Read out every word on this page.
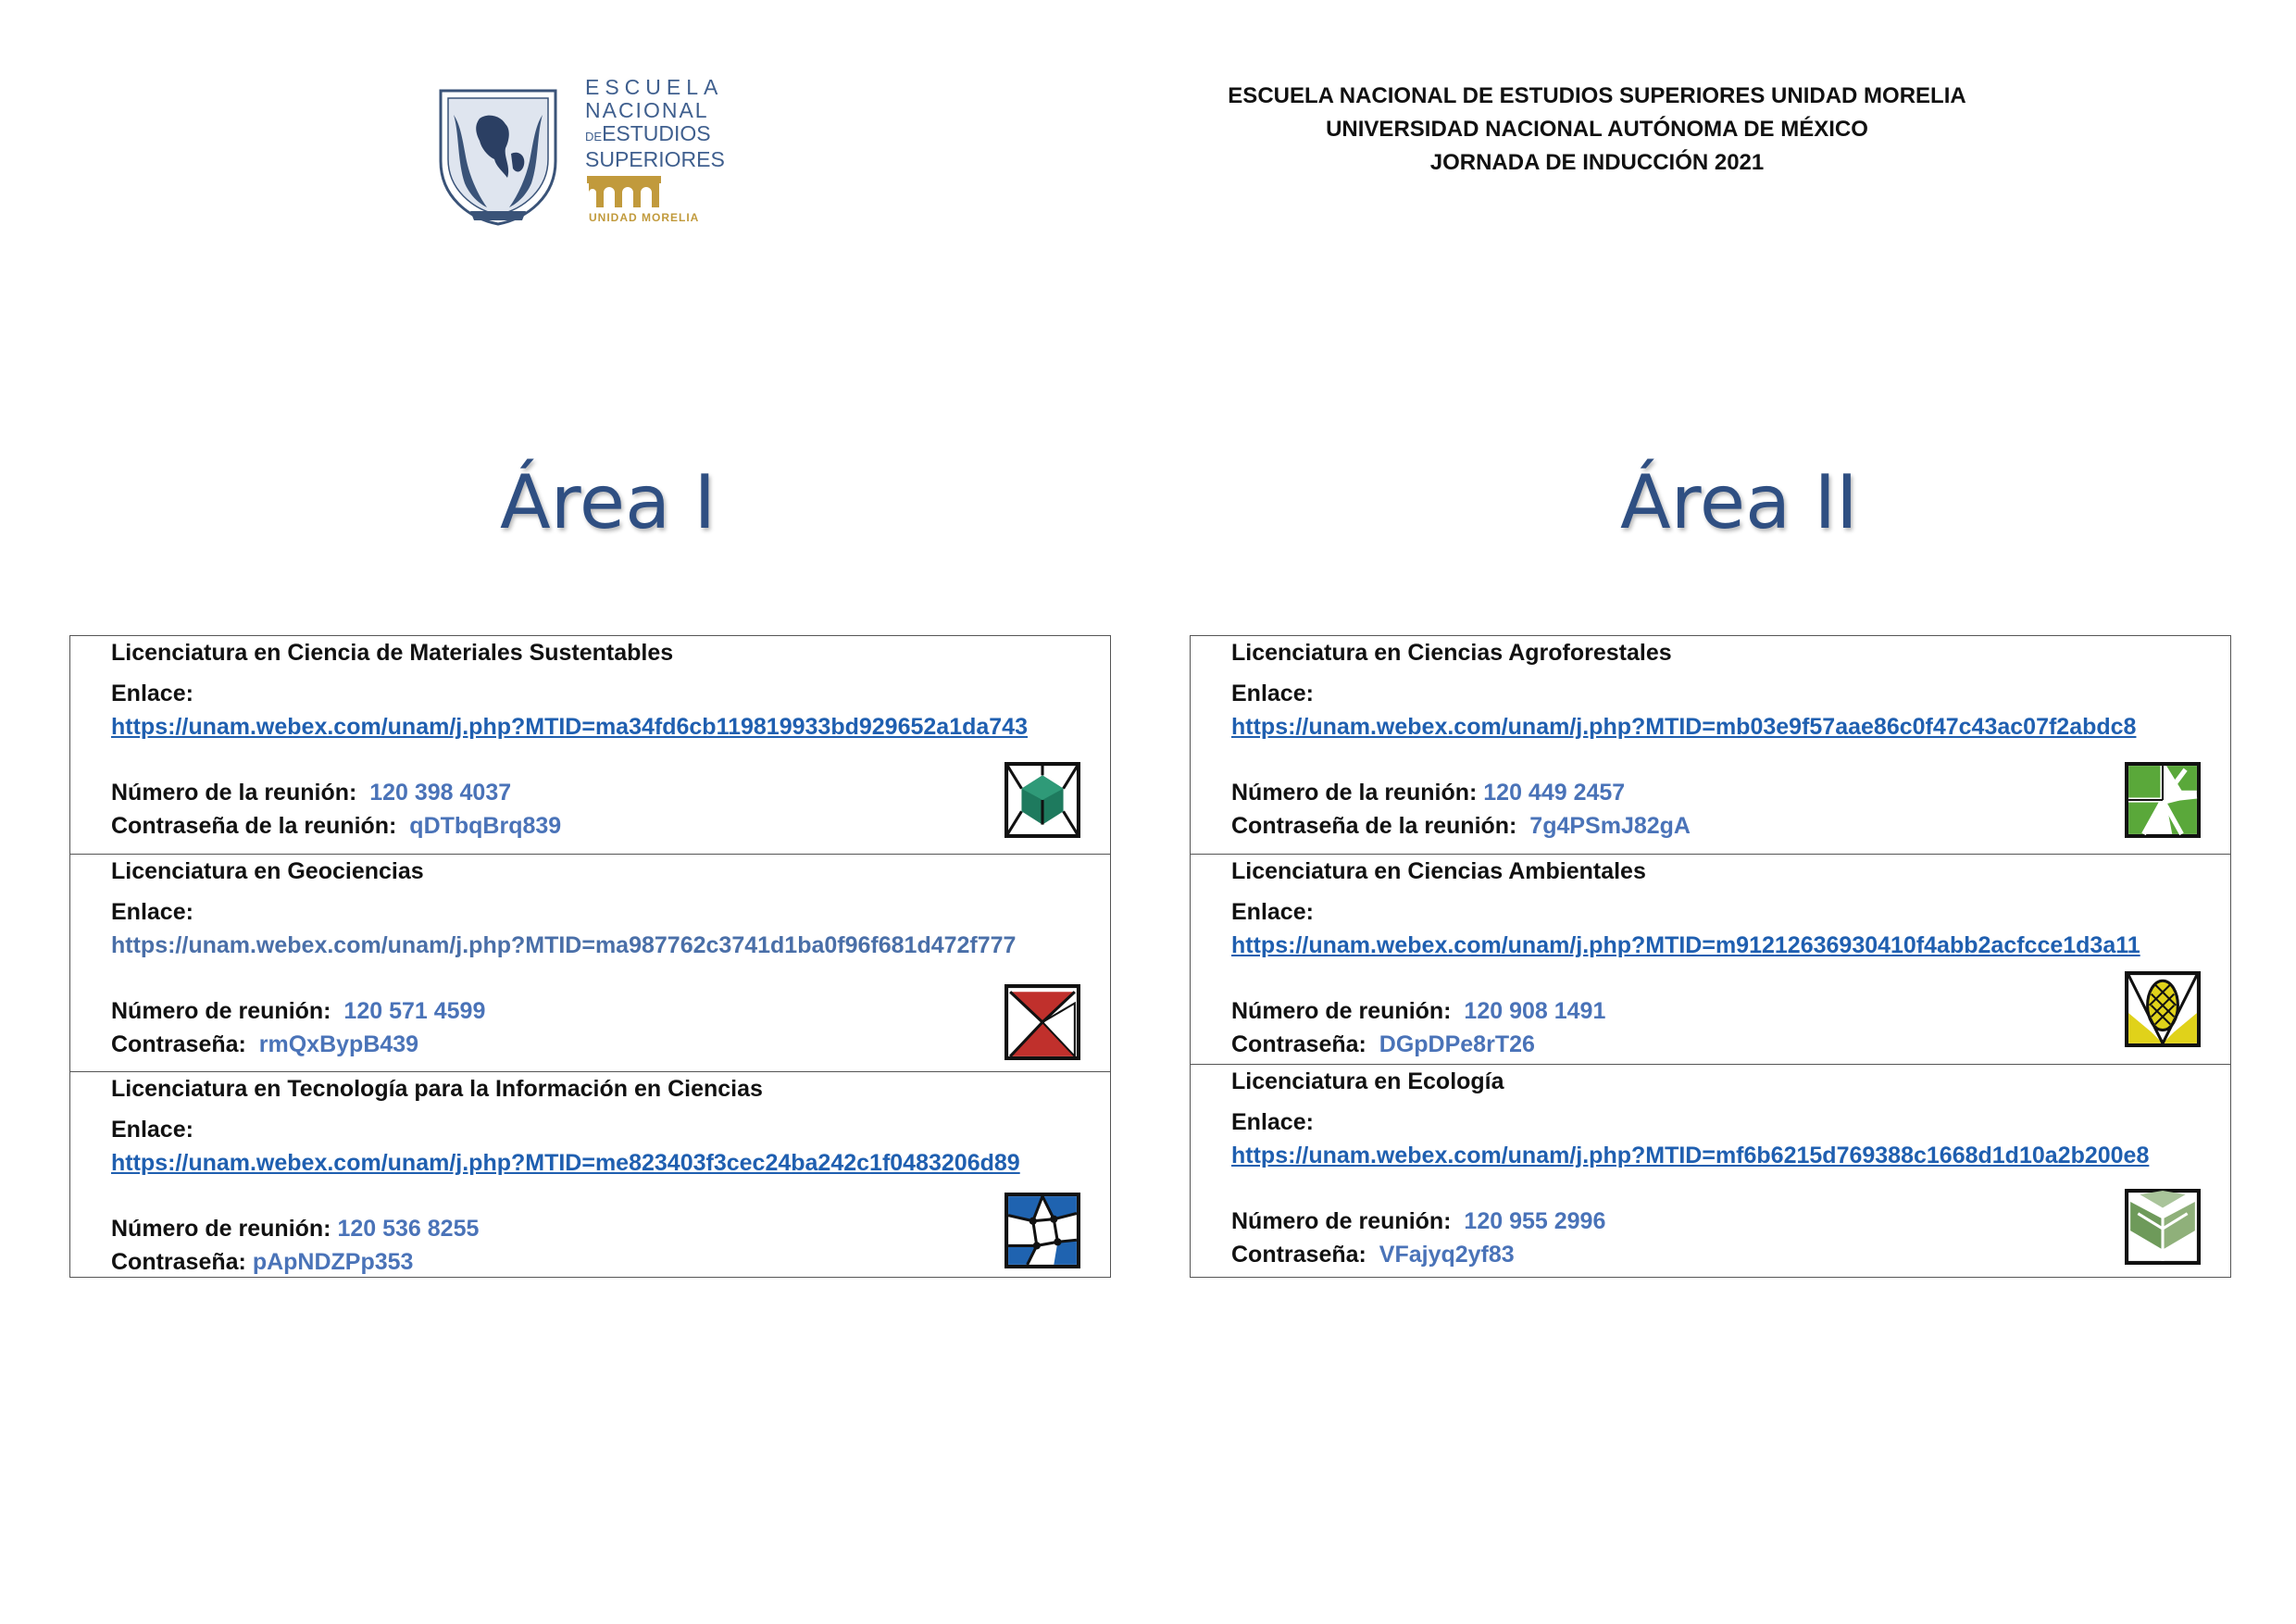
ESCUELA
NACIONAL
DEESTUDIOS
SUPERIORES
UNIDAD MORELIA
ESCUELA NACIONAL DE ESTUDIOS SUPERIORES UNIDAD MORELIA
UNIVERSIDAD NACIONAL AUTÓNOMA DE MÉXICO
JORNADA DE INDUCCIÓN 2021
Área I	Área II
Licenciatura en Ciencia de Materiales Sustentables
Enlace:
https://unam.webex.com/unam/j.php?MTID=ma34fd6cb119819933bd929652a1da743
Número de la reunión: 120 398 4037
Contraseña de la reunión: qDTbqBrq839
Licenciatura en Geociencias
Enlace:
https://unam.webex.com/unam/j.php?MTID=ma987762c3741d1ba0f96f681d472f777
Número de reunión: 120 571 4599
Contraseña: rmQxBypB439
Licenciatura en Tecnología para la Información en Ciencias
Enlace:
https://unam.webex.com/unam/j.php?MTID=me823403f3cec24ba242c1f0483206d89
Número de reunión: 120 536 8255
Contraseña: pApNDZPp353
Licenciatura en Ciencias Agroforestales
Enlace:
https://unam.webex.com/unam/j.php?MTID=mb03e9f57aae86c0f47c43ac07f2abdc8
Número de la reunión: 120 449 2457
Contraseña de la reunión: 7g4PSmJ82gA
Licenciatura en Ciencias Ambientales
Enlace:
https://unam.webex.com/unam/j.php?MTID=m91212636930410f4abb2acfcce1d3a11
Número de reunión: 120 908 1491
Contraseña: DGpDPe8rT26
Licenciatura en Ecología
Enlace:
https://unam.webex.com/unam/j.php?MTID=mf6b6215d769388c1668d1d10a2b200e8
Número de reunión: 120 955 2996
Contraseña: VFajyq2yf83
